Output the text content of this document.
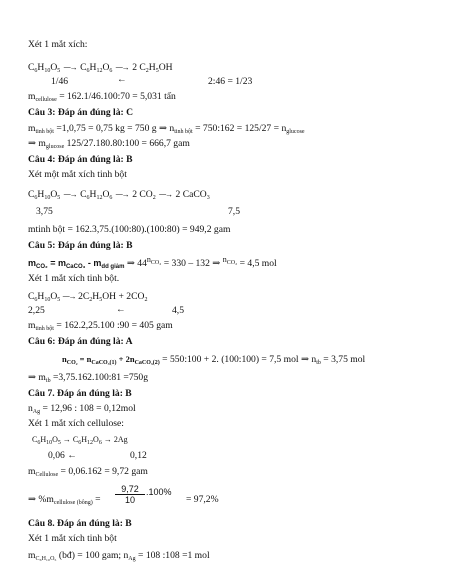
Xét 1 mắt xích:
$C_6H_{10}O_5$  ⎯⎯→ $C_6H_{12}O_6$  ⎯⎯→ 2 $C_2H_5OH$
1/46	←	2:46 = 1/23
$m_{cellulose}$ = 162.1/46.100:70 = 5,031 tấn
Câu 3: Đáp án đúng là: C
$m_{tinh bột} =1,0,75 = 0,75$ kg = 750 g ⇒ $n_{tinh bột}$ = 750:162 = $125/27 = n_{glucose}$
⇒ $m_{glucose}$ 125/27.180.80:100 = 666,7 gam
Câu 4: Đáp án đúng là: B
Xét một mắt xích tinh bột
$C_6H_{10}O_5$  ⎯⎯→ $C_6H_{12}O_6$  ⎯⎯→ 2 $CO_2$  ⎯⎯→ 2 CaCO$_3$
3,75	7,5
mtinh bột = 162.3,75.(100:80).(100:80) = 949,2 gam
Câu 5: Đáp án đúng là: B
$m_{CO_2} = m_{CaCO_3} - m_{dd giảm}$ ⇒ $44^{n_{CO_2}} = 330 - 132$ ⇒ $^{n_{CO_2}}$ = 4,5 mol
Xét 1 mắt xích tinh bột.
$C_6H_{10}O_5$ ⎯⎯→ $2C_2H_5OH + 2CO_2$
2,25	←	4,5
$m_{tinh bột} = 162.2,25.100$ :90 = 405 gam
Câu 6: Đáp án đúng là: A
$n_{CO_2} = n_{CaCO_3(1)} + 2n_{CaCO_3(2)}$ = 550:100 + 2. (100:100) = 7,5 mol ⇒ $n_{tb} = 3,75$ mol
⇒ $m_{tb}$ =3,75.162.100:81 =750g
Câu 7. Đáp án đúng là: B
$n_{Ag} = 12,96$ : 108 = 0,12mol
Xét 1 mắt xích cellulose:
$C_6H_{10}O_5 \to C_6H_{12}O_6 \to 2Ag$
0,06 ←	0,12
$m_{Cellulose} = 0,06.162 = 9,72$ gam
⇒ $\%m_{cellulose (bông)}$ =
9,72
10
.100%
= 97,2%
Câu 8. Đáp án đúng là: B
Xét 1 mắt xích tinh bột
$m_{C_6H_{10}O_5}$ (bđ) = 100 gam; $n_{Ag} = 108$ :108 =1 mol
